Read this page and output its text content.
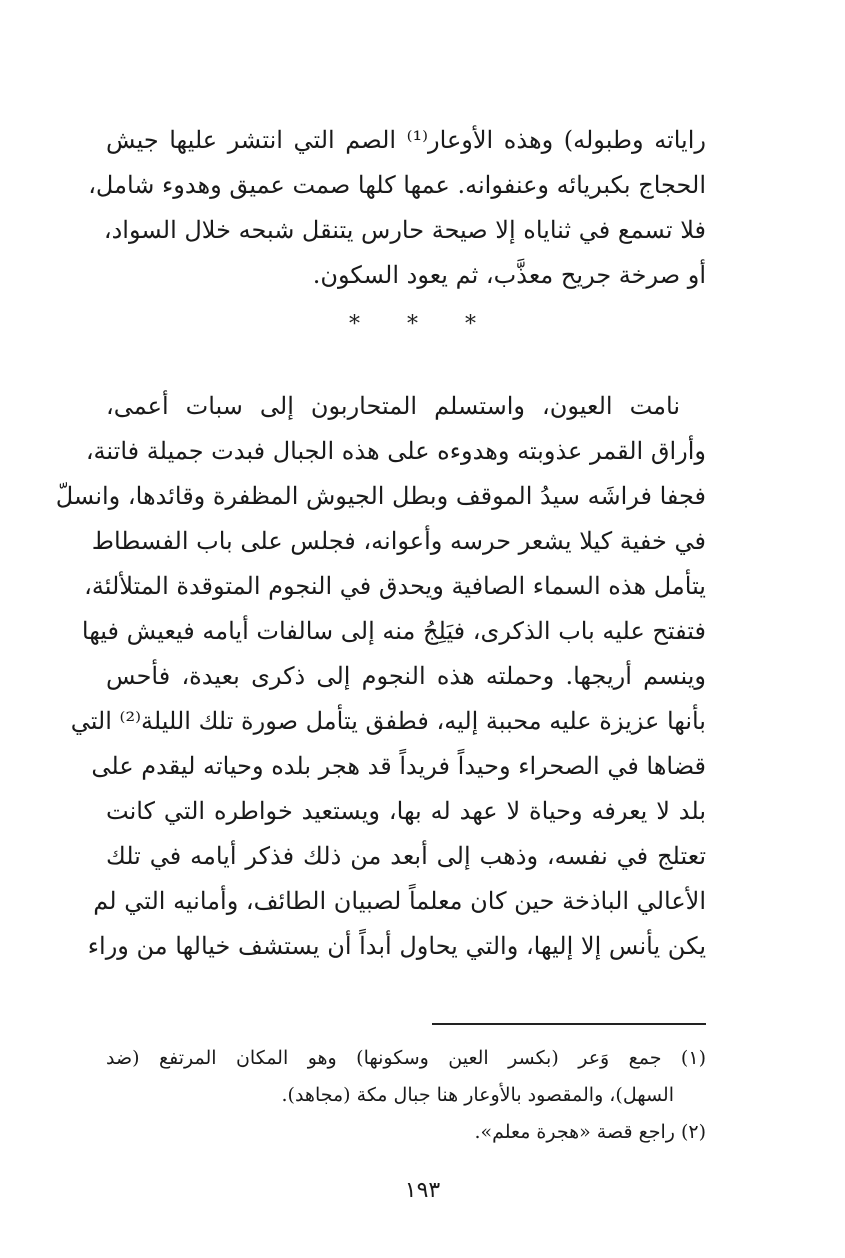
راياته وطبوله) وهذه الأوعار⁽¹⁾ الصم التي انتشر عليها جيش
الحجاج بكبريائه وعنفوانه. عمها كلها صمت عميق وهدوء شامل،
فلا تسمع في ثناياه إلا صيحة حارس يتنقل شبحه خلال السواد،
أو صرخة جريح معذَّب، ثم يعود السكون.
* * *
نامت العيون، واستسلم المتحاربون إلى سبات أعمى،
وأراق القمر عذوبته وهدوءه على هذه الجبال فبدت جميلة فاتنة،
فجفا فراشَه سيدُ الموقف وبطل الجيوش المظفرة وقائدها، وانسلّ
في خفية كيلا يشعر حرسه وأعوانه، فجلس على باب الفسطاط
يتأمل هذه السماء الصافية ويحدق في النجوم المتوقدة المتلألئة،
فتفتح عليه باب الذكرى، فيَلِجُ منه إلى سالفات أيامه فيعيش فيها
وينسم أريجها. وحملته هذه النجوم إلى ذكرى بعيدة، فأحس
بأنها عزيزة عليه محببة إليه، فطفق يتأمل صورة تلك الليلة⁽²⁾ التي
قضاها في الصحراء وحيداً فريداً قد هجر بلده وحياته ليقدم على
بلد لا يعرفه وحياة لا عهد له بها، ويستعيد خواطره التي كانت
تعتلج في نفسه، وذهب إلى أبعد من ذلك فذكر أيامه في تلك
الأعالي الباذخة حين كان معلماً لصبيان الطائف، وأمانيه التي لم
يكن يأنس إلا إليها، والتي يحاول أبداً أن يستشف خيالها من وراء
(١) جمع وَعر (بكسر العين وسكونها) وهو المكان المرتفع (ضد
السهل)، والمقصود بالأوعار هنا جبال مكة (مجاهد).
(٢) راجع قصة «هجرة معلم».
١٩٣
